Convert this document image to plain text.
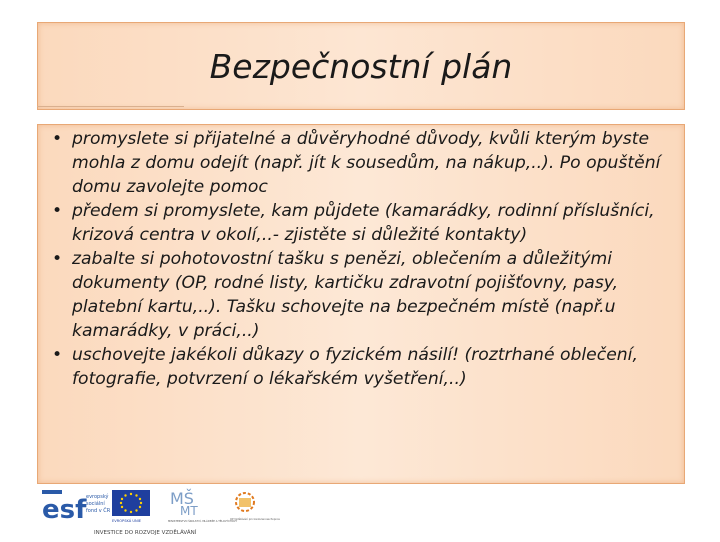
Bezpečnostní plán
• promyslete si přijatelné a důvěryhodné důvody, kvůli kterým byste mohla z domu odejít (např. jít k sousedům, na nákup,..). Po opuštění domu zavolejte pomoc
• předem si promyslete, kam půjdete (kamarádky, rodinní příslušníci, krizová centra v okolí,..- zjistěte si důležité kontakty)
• zabalte si pohotovostní tašku s penězi, oblečením a důležitými dokumenty (OP, rodné listy, kartičku zdravotní pojišťovny, pasy, platební kartu,..). Tašku schovejte na bezpečném místě (např.u kamarádky, v práci,..)
• uschovejte jakékoli důkazy o fyzickém násilí! (roztrhané oblečení, fotografie, potvrzení o lékařském vyšetření,..)
esf evropský
sociální
fond v ČR
EVROPSKÁ UNIE
MŠ
MT
MINISTERSTVO ŠKOLSTVÍ, MLÁDEŽE A TĚLOVÝCHOVY
OP Vzdělávání pro konkurenceschopnost
INVESTICE DO ROZVOJE VZDĚLÁVÁNÍ
